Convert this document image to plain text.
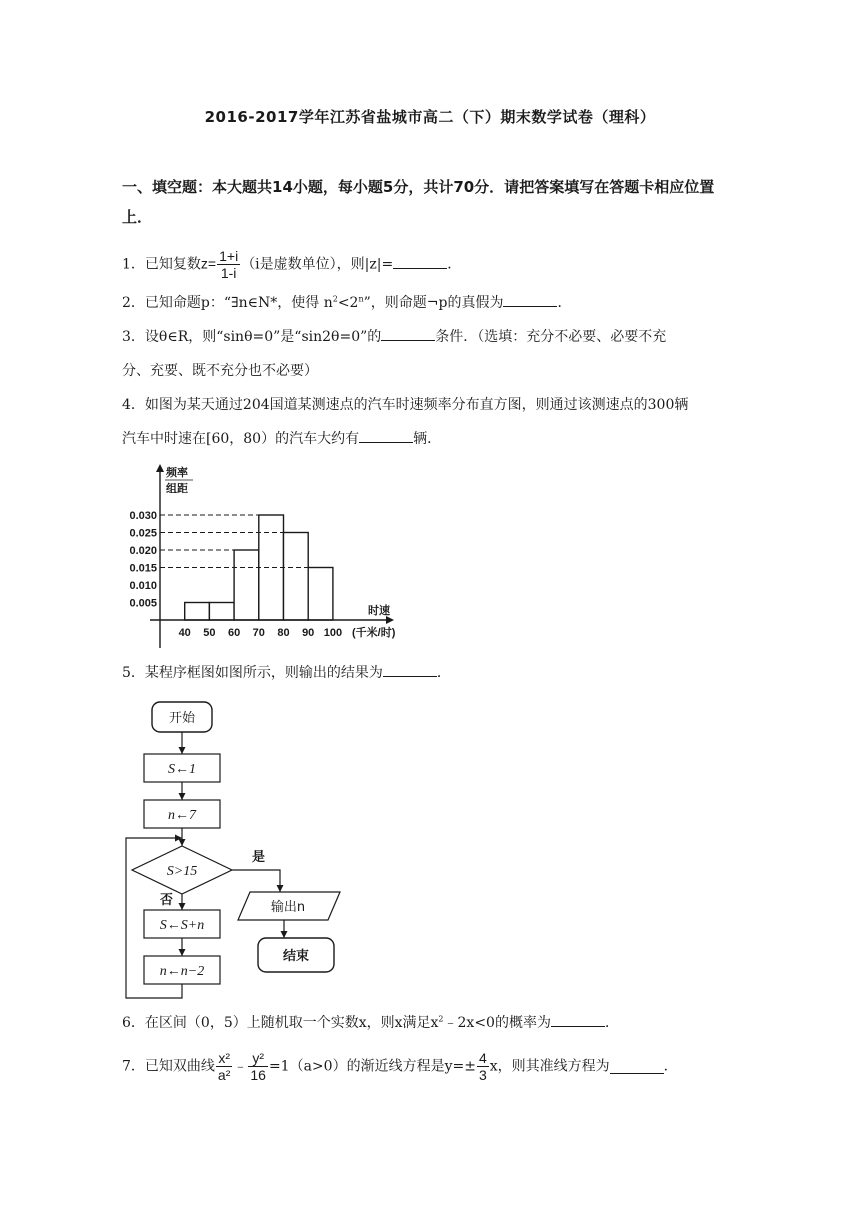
2016-2017学年江苏省盐城市高二（下）期末数学试卷（理科）
一、填空题：本大题共14小题，每小题5分，共计70分．请把答案填写在答题卡相应位置
上．
1．已知复数$z= \frac{1+i}{1-i} (i$是虚数单位），则|z|=	．
2．已知命题p：“∃n∈N*，使得 $n^2<2^n$”，则命题¬p的真假为	．
3．设θ∈R，则“sinθ=0”是“sin2θ=0”的	条件．（选填：充分不必要、必要不充
分、充要、既不充分也不必要）
4．如图为某天通过204国道某测速点的汽车时速频率分布直方图，则通过该测速点的300辆
汽车中时速在[60，80）的汽车大约有	辆．
0.005
0.010
0.015
0.020
0.025
0.030
40 50 60 70 80 90 100
频率
组距
时速
(千米/时)
5．某程序框图如图所示，则输出的结果为	．
开始
S←1
n←7
S>15
是
输出n
结束
否
S←S+n
n←n−2
6．在区间（0，5）上随机取一个实数x，则x满足$x^2﹣2x<0$的概率为	．
7．已知双曲线 $\frac{\text{x²}}{\text{a²}}$ ﹣ $\frac{\text{y²}}{16} =1(a>0)$的渐近线方程是$y=\pm \frac{4}{3}$ x，则其准线方程为	．
